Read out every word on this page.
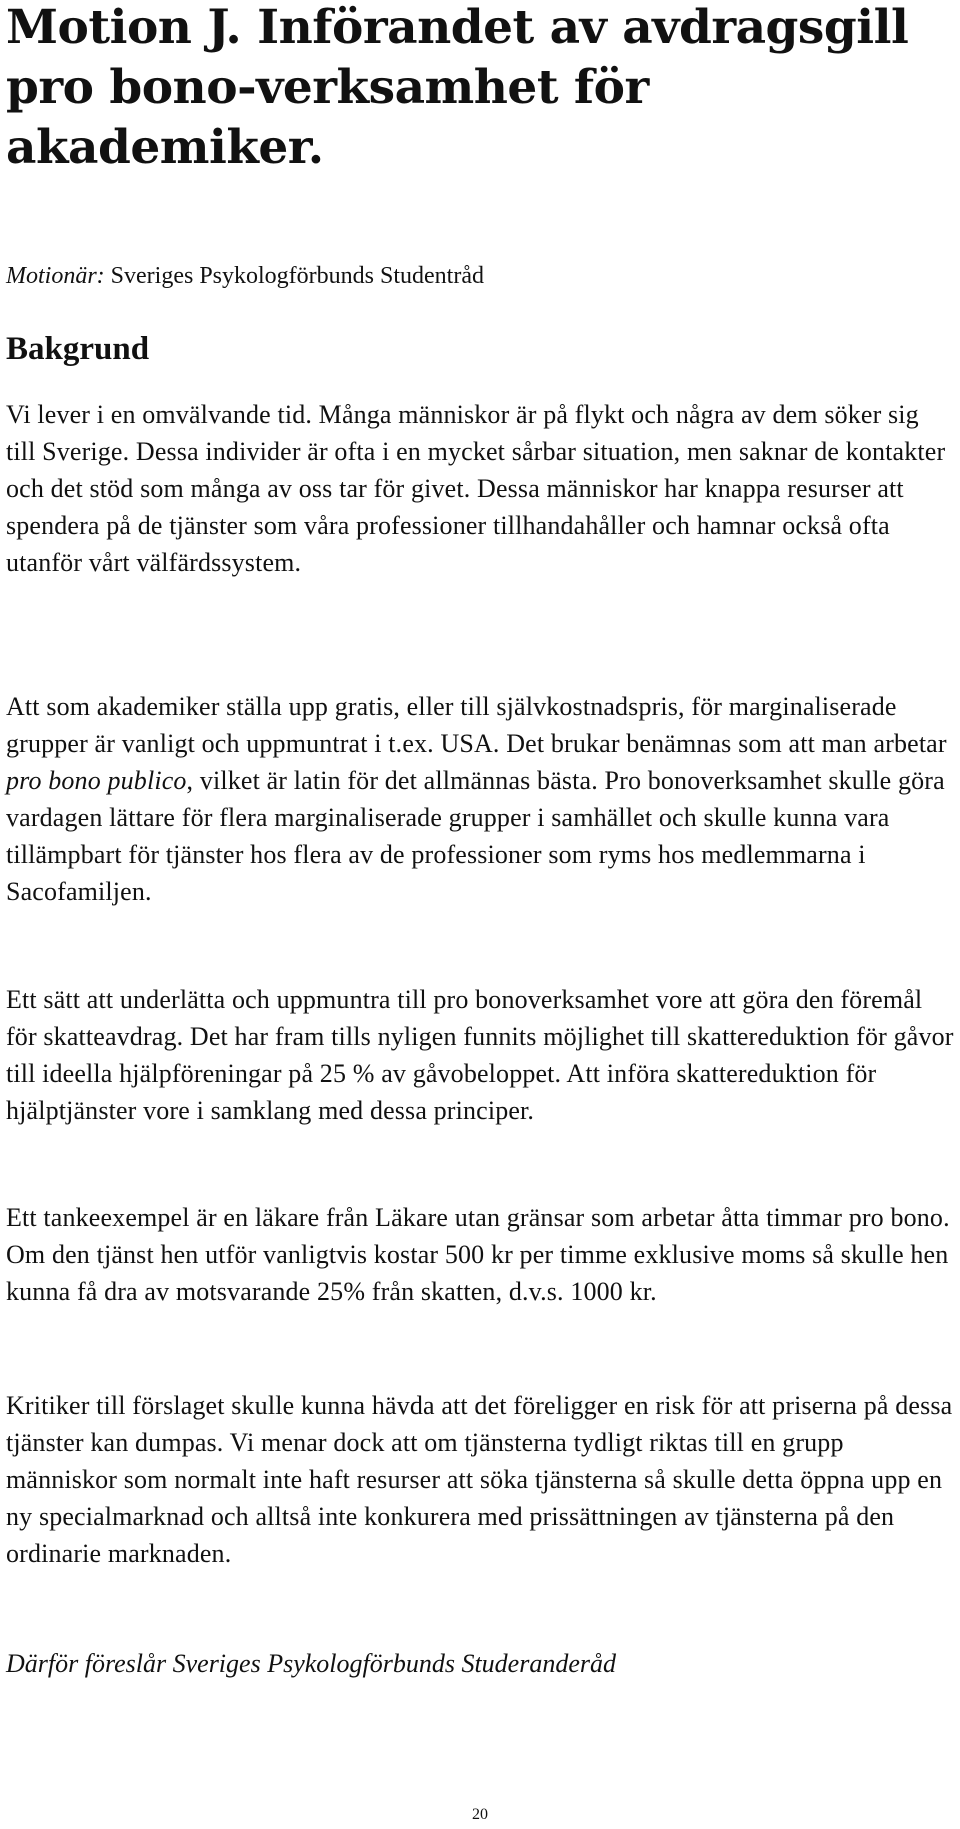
Motion J. Införandet av avdragsgill pro bono-verksamhet för akademiker.
Motionär: Sveriges Psykologförbunds Studentråd
Bakgrund

Vi lever i en omvälvande tid. Många människor är på flykt och några av dem söker sig till Sverige. Dessa individer är ofta i en mycket sårbar situation, men saknar de kontakter och det stöd som många av oss tar för givet. Dessa människor har knappa resurser att spendera på de tjänster som våra professioner tillhandahåller och hamnar också ofta utanför vårt välfärdssystem.

Att som akademiker ställa upp gratis, eller till självkostnadspris, för marginaliserade grupper är vanligt och uppmuntrat i t.ex. USA. Det brukar benämnas som att man arbetar pro bono publico, vilket är latin för det allmännas bästa. Pro bonoverksamhet skulle göra vardagen lättare för flera marginaliserade grupper i samhället och skulle kunna vara tillämpbart för tjänster hos flera av de professioner som ryms hos medlemmarna i Sacofamiljen.

Ett sätt att underlätta och uppmuntra till pro bonoverksamhet vore att göra den föremål för skatteavdrag. Det har fram tills nyligen funnits möjlighet till skattereduktion för gåvor till ideella hjälpföreningar på 25 % av gåvobeloppet. Att införa skattereduktion för hjälptjänster vore i samklang med dessa principer.

Ett tankeexempel är en läkare från Läkare utan gränsar som arbetar åtta timmar pro bono. Om den tjänst hen utför vanligtvis kostar 500 kr per timme exklusive moms så skulle hen kunna få dra av motsvarande 25% från skatten, d.v.s. 1000 kr.

Kritiker till förslaget skulle kunna hävda att det föreligger en risk för att priserna på dessa tjänster kan dumpas. Vi menar dock att om tjänsterna tydligt riktas till en grupp människor som normalt inte haft resurser att söka tjänsterna så skulle detta öppna upp en ny specialmarknad och alltså inte konkurera med prissättningen av tjänsterna på den ordinarie marknaden.

Därför föreslår Sveriges Psykologförbunds Studeranderåd
20
